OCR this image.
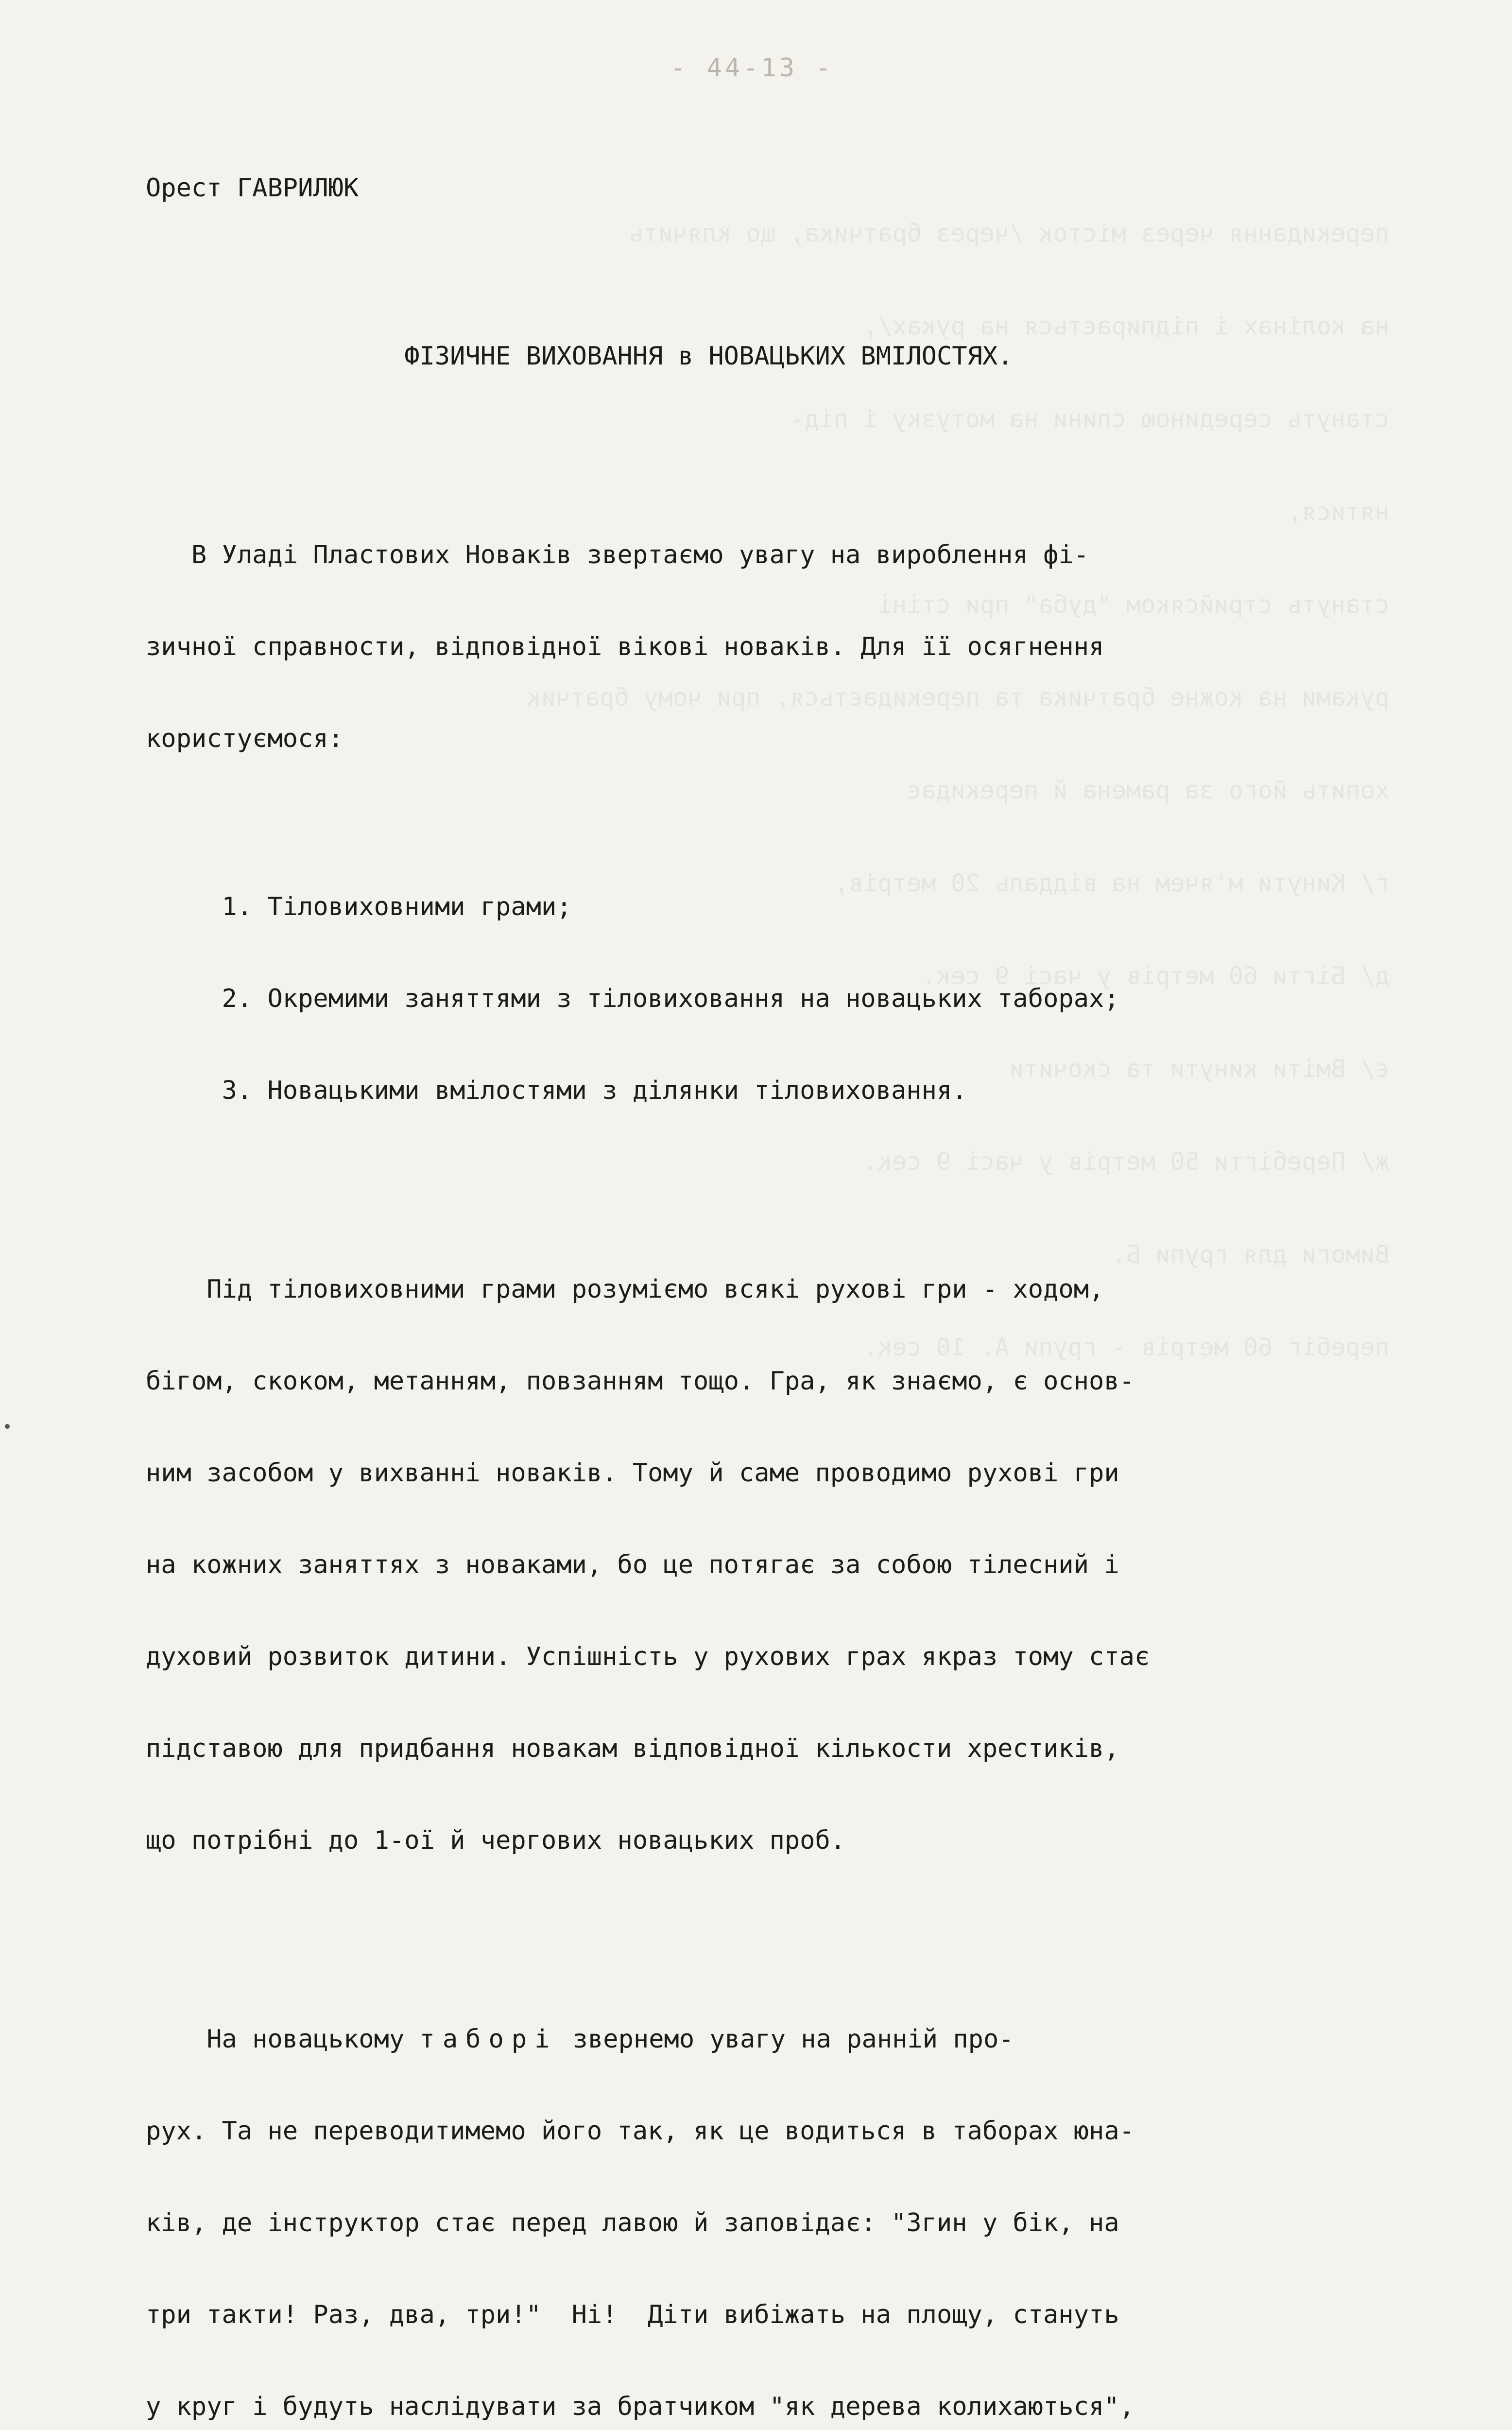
перекидання через місток /через братчика, що клячить

на колінах і підпирається на руках/,

стануть серединою спини на мотузку і під-

нятися,

стануть стрийсяком "дуба" при стіні

руками на кожне братчика та перекидається, при чому братчик

хопить його за рамена й перекидає

г/ Кинути м'ячем на віддаль 20 метрів,

д/ Бігти 60 метрів у часі 9 сек.

є/ Вміти кинути та скочити

ж/ Перебігти 50 метрів у часі 9 сек.

Вимоги для групи Б.

перебіг 60 метрів - групи А. 10 сек.

- 44-13 -

Орест ГАВРИЛЮК

ФІЗИЧНЕ ВИХОВАННЯ в НОВАЦЬКИХ ВМІЛОСТЯХ.

В Уладі Пластових Новаків звертаємо увагу на вироблення фі-

зичної справности, відповідної вікові новаків. Для її осягнення

користуємося:

1. Тіловиховними грами;

2. Окремими заняттями з тіловиховання на новацьких таборах;

3. Новацькими вмілостями з ділянки тіловиховання.

Під тіловиховними грами розуміємо всякі рухові гри - ходом,

бігом, скоком, метанням, повзанням тощо. Гра, як знаємо, є основ-

ним засобом у вихванні новаків. Тому й саме проводимо рухові гри

на кожних заняттях з новаками, бо це потягає за собою тілесний і

духовий розвиток дитини. Успішність у рухових грах якраз тому стає

підставою для придбання новакам відповідної кількости хрестиків,

що потрібні до 1-ої й чергових новацьких проб.

На новацькому таборі звернемо увагу на ранній про-

рух. Та не переводитимемо його так, як це водиться в таборах юна-

ків, де інструктор стає перед лавою й заповідає: "Згин у бік, на

три такти! Раз, два, три!"  Ні!  Діти вибіжать на площу, стануть

у круг і будуть наслідувати за братчиком "як дерева колихаються",
